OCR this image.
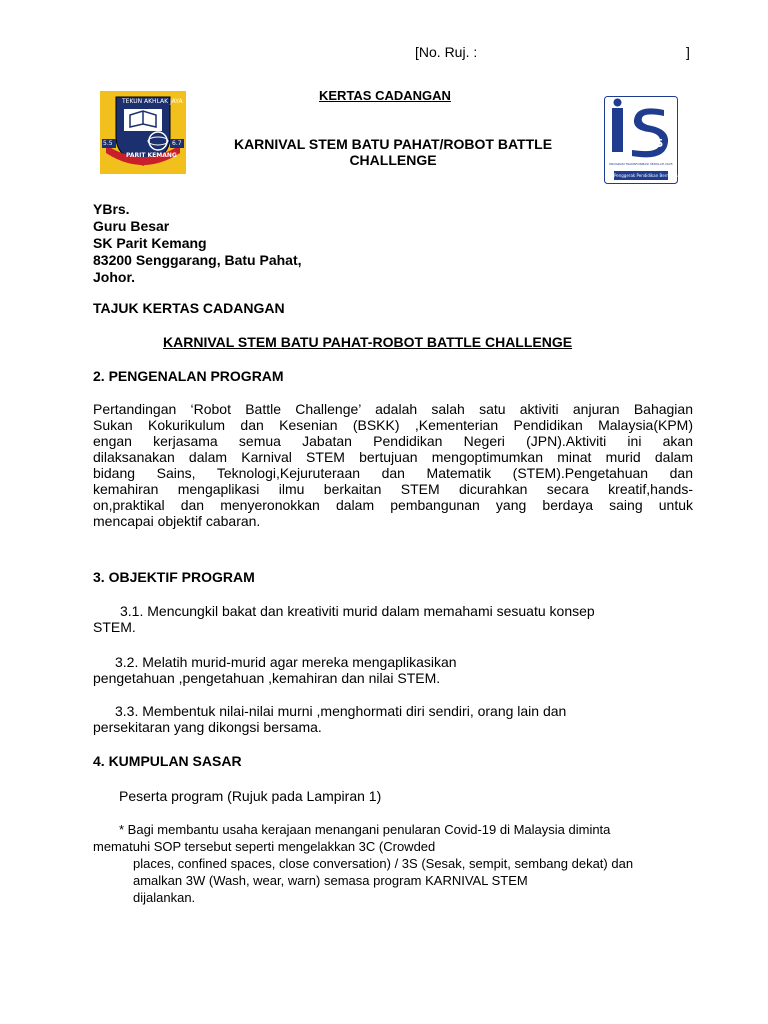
[No. Ruj. :	]
KERTAS CADANGAN
TEKUN AKHLAK JAYA
PARIT KEMANG
5.5	6.7	KARNIVAL STEM BATU PAHAT/ROBOT BATTLE
CHALLENGE
25
PROGRAM TRANSFORMASI SEKOLAH 2025
Penggerak Pendidikan Bermakna
YBrs.
Guru Besar
SK Parit Kemang
83200 Senggarang, Batu Pahat,
Johor.
TAJUK KERTAS CADANGAN
KARNIVAL STEM BATU PAHAT-ROBOT BATTLE CHALLENGE
2. PENGENALAN PROGRAM
Pertandingan ‘Robot Battle Challenge’ adalah salah satu aktiviti anjuran Bahagian
Sukan Kokurikulum dan Kesenian (BSKK) ,Kementerian Pendidikan Malaysia(KPM)
engan kerjasama semua Jabatan Pendidikan Negeri (JPN).Aktiviti ini akan
dilaksanakan dalam Karnival STEM bertujuan mengoptimumkan minat murid dalam
bidang Sains, Teknologi,Kejuruteraan dan Matematik (STEM).Pengetahuan dan
kemahiran mengaplikasi ilmu berkaitan STEM dicurahkan secara kreatif,hands-
on,praktikal dan menyeronokkan dalam pembangunan yang berdaya saing untuk
mencapai objektif cabaran.
3. OBJEKTIF PROGRAM
3.1. Mencungkil bakat dan kreativiti murid dalam memahami sesuatu konsep
STEM.
3.2. Melatih murid-murid agar mereka mengaplikasikan
pengetahuan ,pengetahuan ,kemahiran dan nilai STEM.
3.3. Membentuk nilai-nilai murni ,menghormati diri sendiri, orang lain dan
persekitaran yang dikongsi bersama.
4. KUMPULAN SASAR
Peserta program (Rujuk pada Lampiran 1)
* Bagi membantu usaha kerajaan menangani penularan Covid-19 di Malaysia diminta
mematuhi SOP tersebut seperti mengelakkan 3C (Crowded
places, confined spaces, close conversation) / 3S (Sesak, sempit, sembang dekat) dan
amalkan 3W (Wash, wear, warn) semasa program KARNIVAL STEM
dijalankan.
